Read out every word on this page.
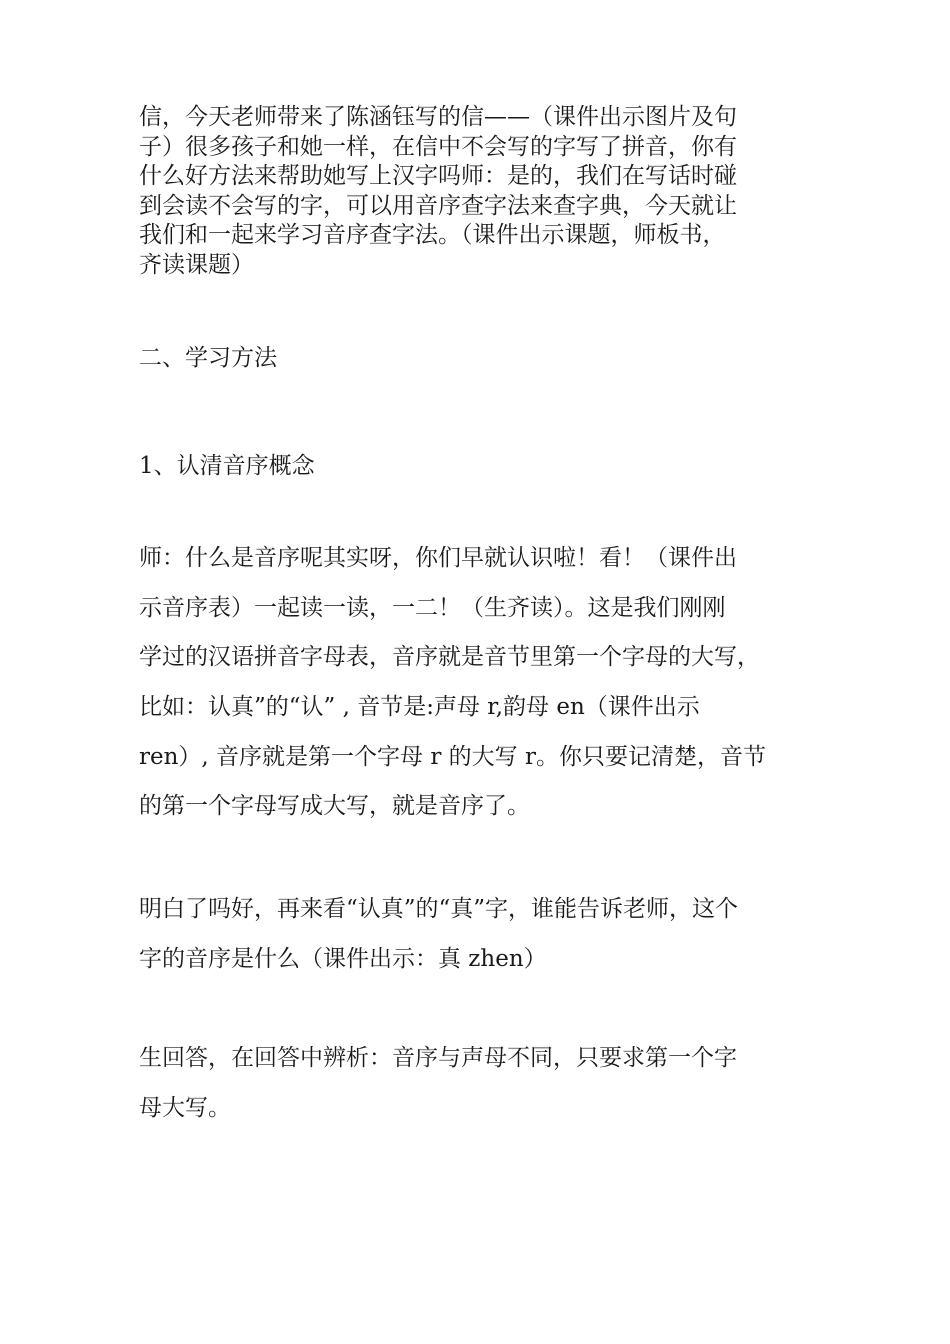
信，今天老师带来了陈涵钰写的信——（课件出示图片及句
子）很多孩子和她一样，在信中不会写的字写了拼音，你有
什么好方法来帮助她写上汉字吗师：是的，我们在写话时碰
到会读不会写的字，可以用音序查字法来查字典，今天就让
我们和一起来学习音序查字法。（课件出示课题，师板书，
齐读课题）
二、学习方法
1、认清音序概念
师：什么是音序呢其实呀，你们早就认识啦！看！（课件出
示音序表）一起读一读，一二！（生齐读）。这是我们刚刚
学过的汉语拼音字母表，音序就是音节里第一个字母的大写，
比如：认真”的“认” , 音节是:声母 r,韵母 en（课件出示
ren）, 音序就是第一个字母 r 的大写 r。你只要记清楚，音节
的第一个字母写成大写，就是音序了。
明白了吗好，再来看“认真”的“真”字，谁能告诉老师，这个
字的音序是什么（课件出示：真 zhen）
生回答，在回答中辨析：音序与声母不同，只要求第一个字
母大写。
